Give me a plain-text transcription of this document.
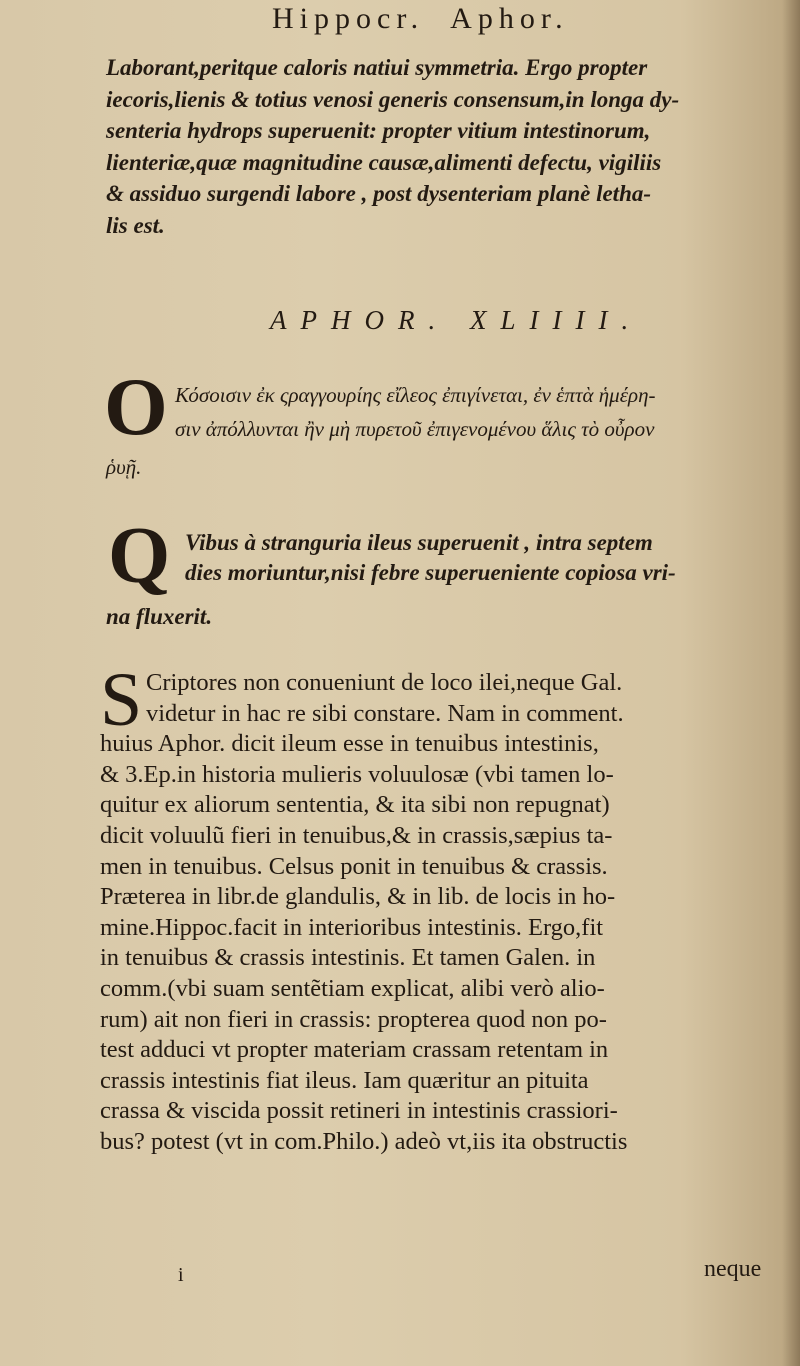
Hippocr. Aphor.
Laborant,peritque caloris natiui symmetria. Ergo propter
iecoris,lienis & totius venosi generis consensum,in longa dy-
senteria hydrops superuenit: propter vitium intestinorum,
lienteriæ,quæ magnitudine causæ,alimenti defectu, vigiliis
& assiduo surgendi labore , post dysenteriam planè letha-
lis est.
APHOR. XLIIII.
O Κόσοισιν ἐκ ςραγγουρίης εἴλεος ἐπιγίνεται, ἐν ἑπτὰ ἡμέρη-
σιν ἀπόλλυνται ἢν μὴ πυρετοῦ ἐπιγενομένου ἅλις τὸ οὖρον
ῥυῇ.
Q Vibus à stranguria ileus superuenit , intra septem
dies moriuntur,nisi febre superueniente copiosa vri-
na fluxerit.
S Criptores non conueniunt de loco ilei,neque Gal.
videtur in hac re sibi constare. Nam in comment.
huius Aphor. dicit ileum esse in tenuibus intestinis,
& 3.Ep.in historia mulieris voluulosæ (vbi tamen lo-
quitur ex aliorum sententia, & ita sibi non repugnat)
dicit voluulũ fieri in tenuibus,& in crassis,sæpius ta-
men in tenuibus. Celsus ponit in tenuibus & crassis.
Præterea in libr.de glandulis, & in lib. de locis in ho-
mine.Hippoc.facit in interioribus intestinis. Ergo,fit
in tenuibus & crassis intestinis. Et tamen Galen. in
comm.(vbi suam sentẽtiam explicat, alibi verò alio-
rum) ait non fieri in crassis: propterea quod non po-
test adduci vt propter materiam crassam retentam in
crassis intestinis fiat ileus. Iam quæritur an pituita
crassa & viscida possit retineri in intestinis crassiori-
bus? potest (vt in com.Philo.) adeò vt,iis ita obstructis
i	neque
